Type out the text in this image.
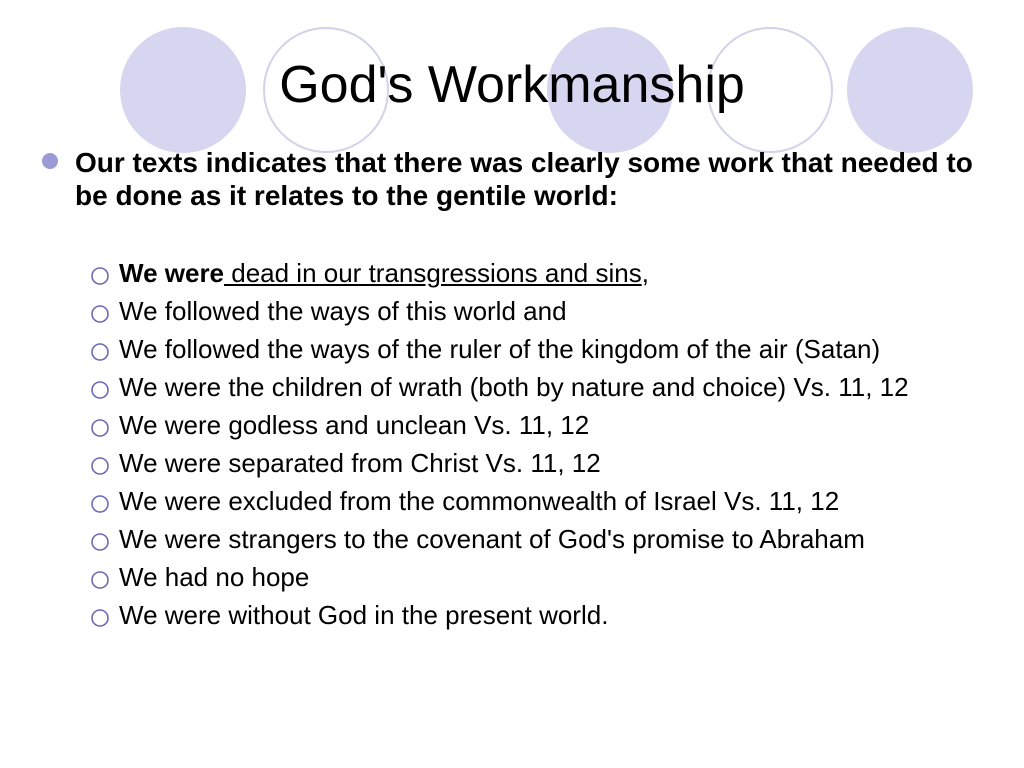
God's Workmanship
Our texts indicates that there was clearly some work that needed to be done as it relates to the gentile world:
We were dead in our transgressions and sins,
We followed the ways of this world and
We followed the ways of the ruler of the kingdom of the air (Satan)
We were the children of wrath (both by nature and choice) Vs. 11, 12
We were godless and unclean Vs. 11, 12
We were separated from Christ Vs. 11, 12
We were excluded from the commonwealth of Israel Vs. 11, 12
We were strangers to the covenant of God's promise to Abraham
We had no hope
We were without God in the present world.
